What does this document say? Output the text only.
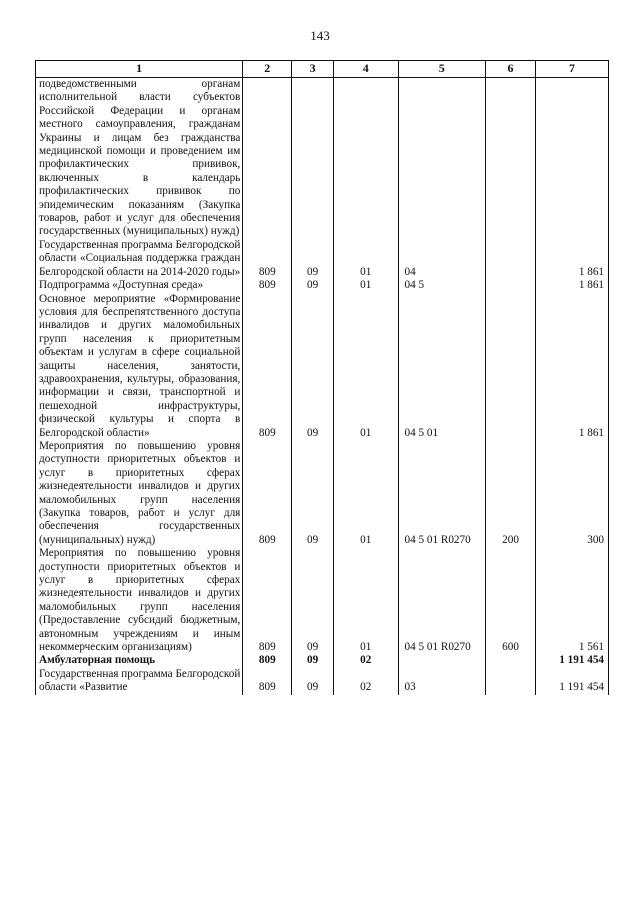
143
1	2	3	4	5	6	7
подведомственными органам исполнительной власти субъектов Российской Федерации и органам местного самоуправления, гражданам Украины и лицам без гражданства медицинской помощи и проведением им профилактических прививок, включенных в календарь профилактических прививок по эпидемическим показаниям (Закупка товаров, работ и услуг для обеспечения государственных (муниципальных) нужд)						
Государственная программа Белгородской области «Социальная поддержка граждан Белгородской области на 2014-2020 годы»	809	09	01	04		1 861
Подпрограмма «Доступная среда»	809	09	01	04 5		1 861
Основное мероприятие «Формирование условия для беспрепятственного доступа инвалидов и других маломобильных групп населения к приоритетным объектам и услугам в сфере социальной защиты населения, занятости, здравоохранения, культуры, образования, информации и связи, транспортной и пешеходной инфраструктуры, физической культуры и спорта в Белгородской области»	809	09	01	04 5 01		1 861
Мероприятия по повышению уровня доступности приоритетных объектов и услуг в приоритетных сферах жизнедеятельности инвалидов и других маломобильных групп населения (Закупка товаров, работ и услуг для обеспечения государственных (муниципальных) нужд)	809	09	01	04 5 01 R0270	200	300
Мероприятия по повышению уровня доступности приоритетных объектов и услуг в приоритетных сферах жизнедеятельности инвалидов и других маломобильных групп населения (Предоставление субсидий бюджетным, автономным учреждениям и иным некоммерческим организациям)	809	09	01	04 5 01 R0270	600	1 561
Амбулаторная помощь	809	09	02			1 191 454
Государственная программа Белгородской области «Развитие	809	09	02	03		1 191 454
